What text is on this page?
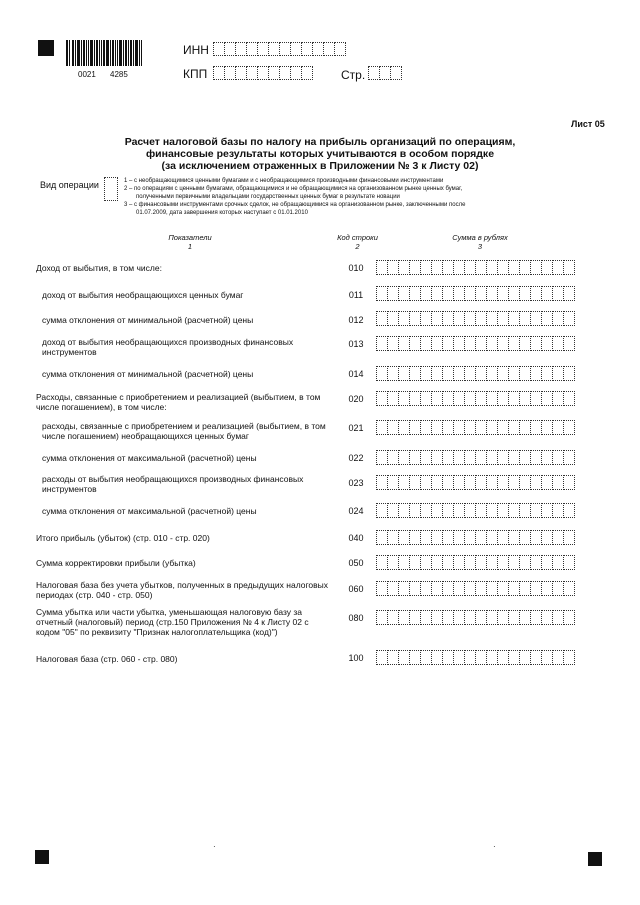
0021 4285
ИНН
КПП	Стр.
Лист 05
Расчет налоговой базы по налогу на прибыль организаций по операциям,
финансовые результаты которых учитываются в особом порядке
(за исключением отраженных в Приложении № 3 к Листу 02)
Вид операции	1 – с необращающимися ценными бумагами и с необращающимися производными финансовыми инструментами
2 – по операциям с ценными бумагами, обращающимися и не обращающимися на организованном рынке ценных бумаг,
полученными первичными владельцами государственных ценных бумаг в результате новации
3 – с финансовыми инструментами срочных сделок, не обращающимися на организованном рынке, заключенными после
01.07.2009, дата завершения которых наступает с 01.01.2010
Показатели
1
Код строки
2
Сумма в рублях
3
Доход от выбытия, в том числе:	010
доход от выбытия необращающихся ценных бумаг	011
сумма отклонения от минимальной (расчетной) цены	012
доход от выбытия необращающихся производных финансовых инструментов
013
сумма отклонения от минимальной (расчетной) цены	014
Расходы, связанные с приобретением и реализацией (выбытием, в том числе погашением), в том числе:
020
расходы, связанные с приобретением и реализацией (выбытием, в том числе погашением) необращающихся ценных бумаг
021
сумма отклонения от максимальной (расчетной) цены	022
расходы от выбытия необращающихся производных финансовых инструментов
023
сумма отклонения от максимальной (расчетной) цены	024
Итого прибыль (убыток) (стр. 010 - стр. 020)	040
Сумма корректировки прибыли (убытка)	050
Налоговая база без учета убытков, полученных в предыдущих налоговых периодах (стр. 040 - стр. 050)
060
Сумма убытка или части убытка, уменьшающая налоговую базу за отчетный (налоговый) период (стр.150 Приложения № 4 к Листу 02 с кодом "05" по реквизиту "Признак налогоплательщика (код)")
080
Налоговая база (стр. 060 - стр. 080)	100
·	·
